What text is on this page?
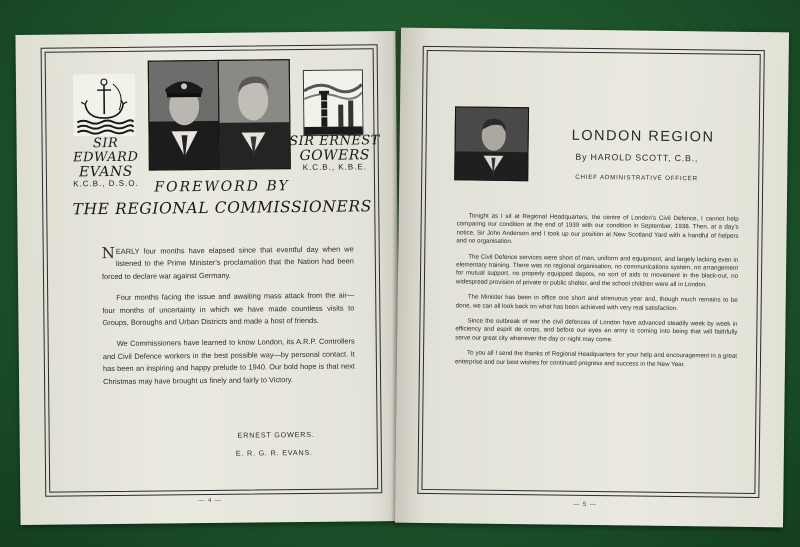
SIR EDWARD
EVANS
K.C.B., D.S.O.
SIR ERNEST
GOWERS
K.C.B., K.B.E.
FOREWORD BY
THE REGIONAL COMMISSIONERS

NEARLY four months have elapsed since that eventful day when we listened to the Prime Minister's proclamation that the Nation had been forced to declare war against Germany.

Four months facing the issue and awaiting mass attack from the air—four months of uncertainty in which we have made countless visits to Groups, Boroughs and Urban Districts and made a host of friends.

We Commissioners have learned to know London, its A.R.P. Controllers and Civil Defence workers in the best possible way—by personal contact. It has been an inspiring and happy prelude to 1940. Our bold hope is that next Christmas may have brought us finely and fairly to Victory.

ERNEST GOWERS.
E. R. G. R. EVANS.
— 4 —
LONDON REGION
By HAROLD SCOTT, C.B.,
CHIEF ADMINISTRATIVE OFFICER

Tonight as I sit at Regional Headquarters, the centre of London's Civil Defence, I cannot help comparing our condition at the end of 1939 with our condition in September, 1938. Then, at a day's notice, Sir John Anderson and I took up our position at New Scotland Yard with a handful of helpers and no organisation.

The Civil Defence services were short of men, uniform and equipment, and largely lacking even in elementary training. There was no regional organisation, no communications system, no arrangement for mutual support, no properly equipped depots, no sort of aids to movement in the black-out, no widespread provision of private or public shelter, and the school children were all in London.

The Minister has been in office one short and strenuous year and, though much remains to be done, we can all look back on what has been achieved with very real satisfaction.

Since the outbreak of war the civil defences of London have advanced steadily week by week in efficiency and esprit de corps, and before our eyes an army is coming into being that will faithfully serve our great city whenever the day or night may come.

To you all I send the thanks of Regional Headquarters for your help and encouragement in a great enterprise and our best wishes for continued progress and success in the New Year.

— 5 —
